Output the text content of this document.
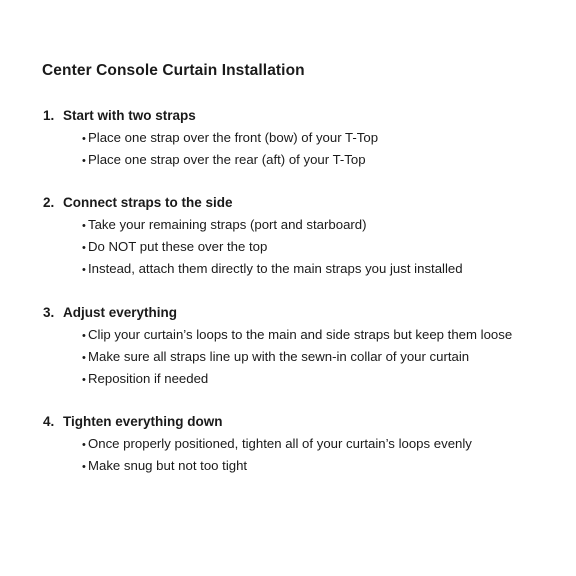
Center Console Curtain Installation
1. Start with two straps
• Place one strap over the front (bow) of your T-Top
• Place one strap over the rear (aft) of your T-Top
2. Connect straps to the side
• Take your remaining straps (port and starboard)
• Do NOT put these over the top
• Instead, attach them directly to the main straps you just installed
3. Adjust everything
• Clip your curtain’s loops to the main and side straps but keep them loose
• Make sure all straps line up with the sewn-in collar of your curtain
• Reposition if needed
4. Tighten everything down
• Once properly positioned, tighten all of your curtain’s loops evenly
• Make snug but not too tight
